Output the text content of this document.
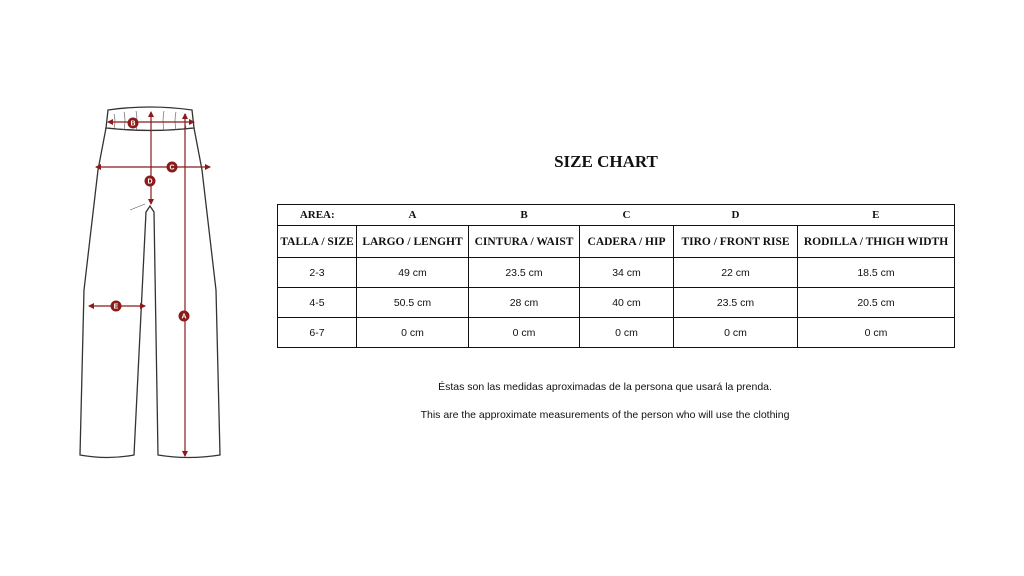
B
C
D
E
A
SIZE CHART
AREA:	A	B	C	D	E
TALLA / SIZE	LARGO / LENGHT	CINTURA / WAIST	CADERA / HIP	TIRO / FRONT RISE	RODILLA / THIGH WIDTH
2-3	49 cm	23.5 cm	34 cm	22 cm	18.5 cm
4-5	50.5 cm	28 cm	40 cm	23.5 cm	20.5 cm
6-7	0 cm	0 cm	0 cm	0 cm	0 cm

Éstas son las medidas aproximadas de la persona que usará la prenda.

This are the approximate measurements of the person who will use the clothing
